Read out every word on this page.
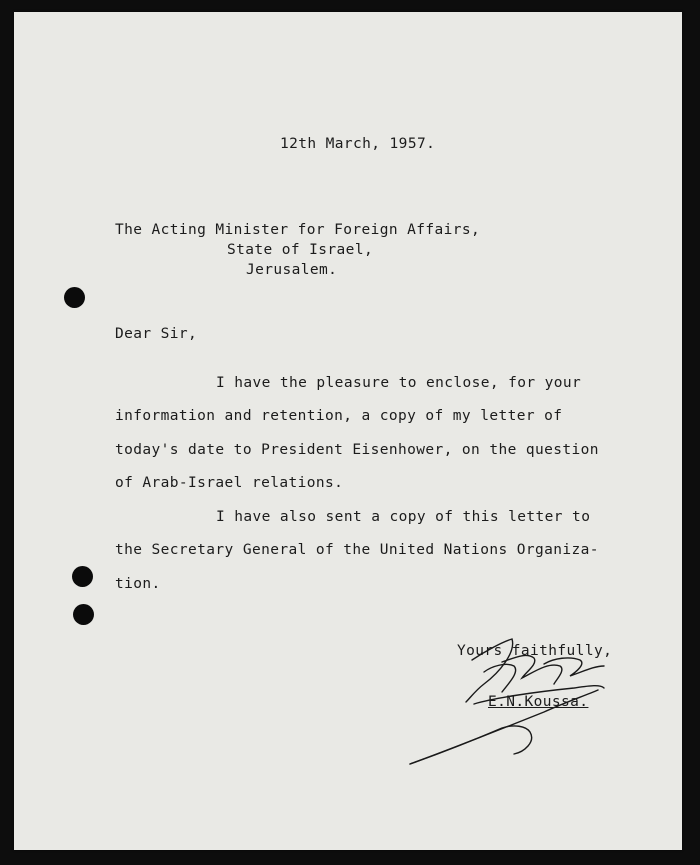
12th March, 1957.
The Acting Minister for Foreign Affairs,
State of Israel,
Jerusalem.
Dear Sir,
I have the pleasure to enclose, for your
information and retention, a copy of my letter of
today's date to President Eisenhower, on the question
of Arab-Israel relations.
I have also sent a copy of this letter to
the Secretary General of the United Nations Organiza-
tion.
Yours faithfully,
E.N.Koussa.
